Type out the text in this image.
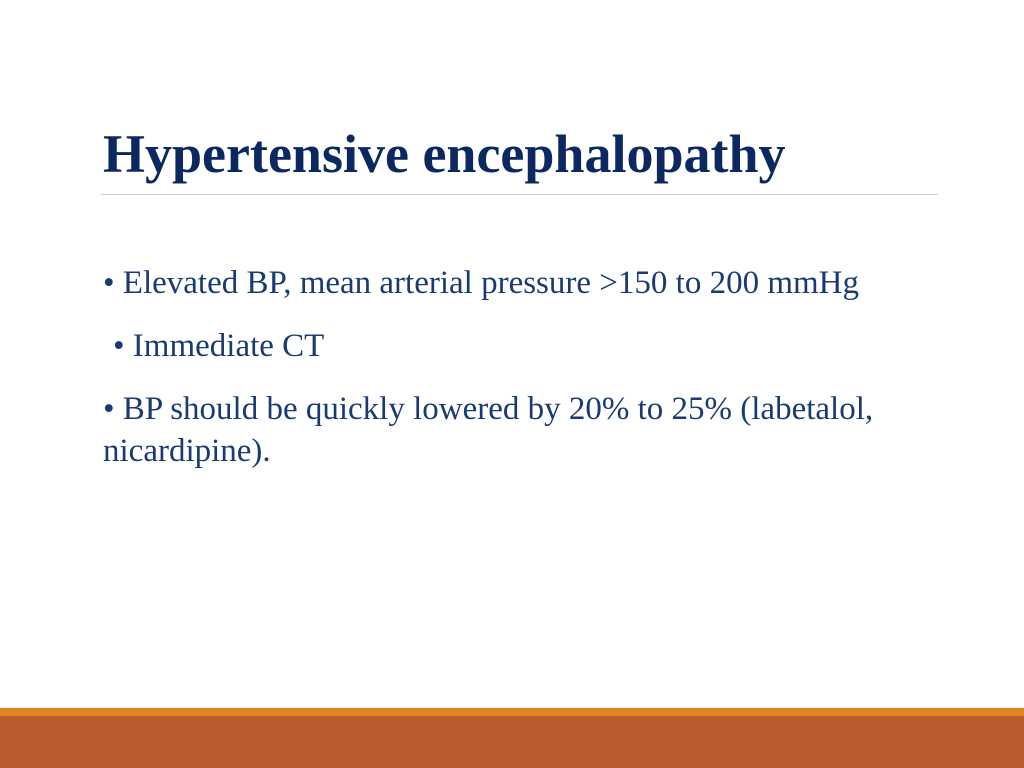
Hypertensive encephalopathy
• Elevated BP, mean arterial pressure >150 to 200 mmHg
• Immediate CT
• BP should be quickly lowered by 20% to 25% (labetalol, nicardipine).
